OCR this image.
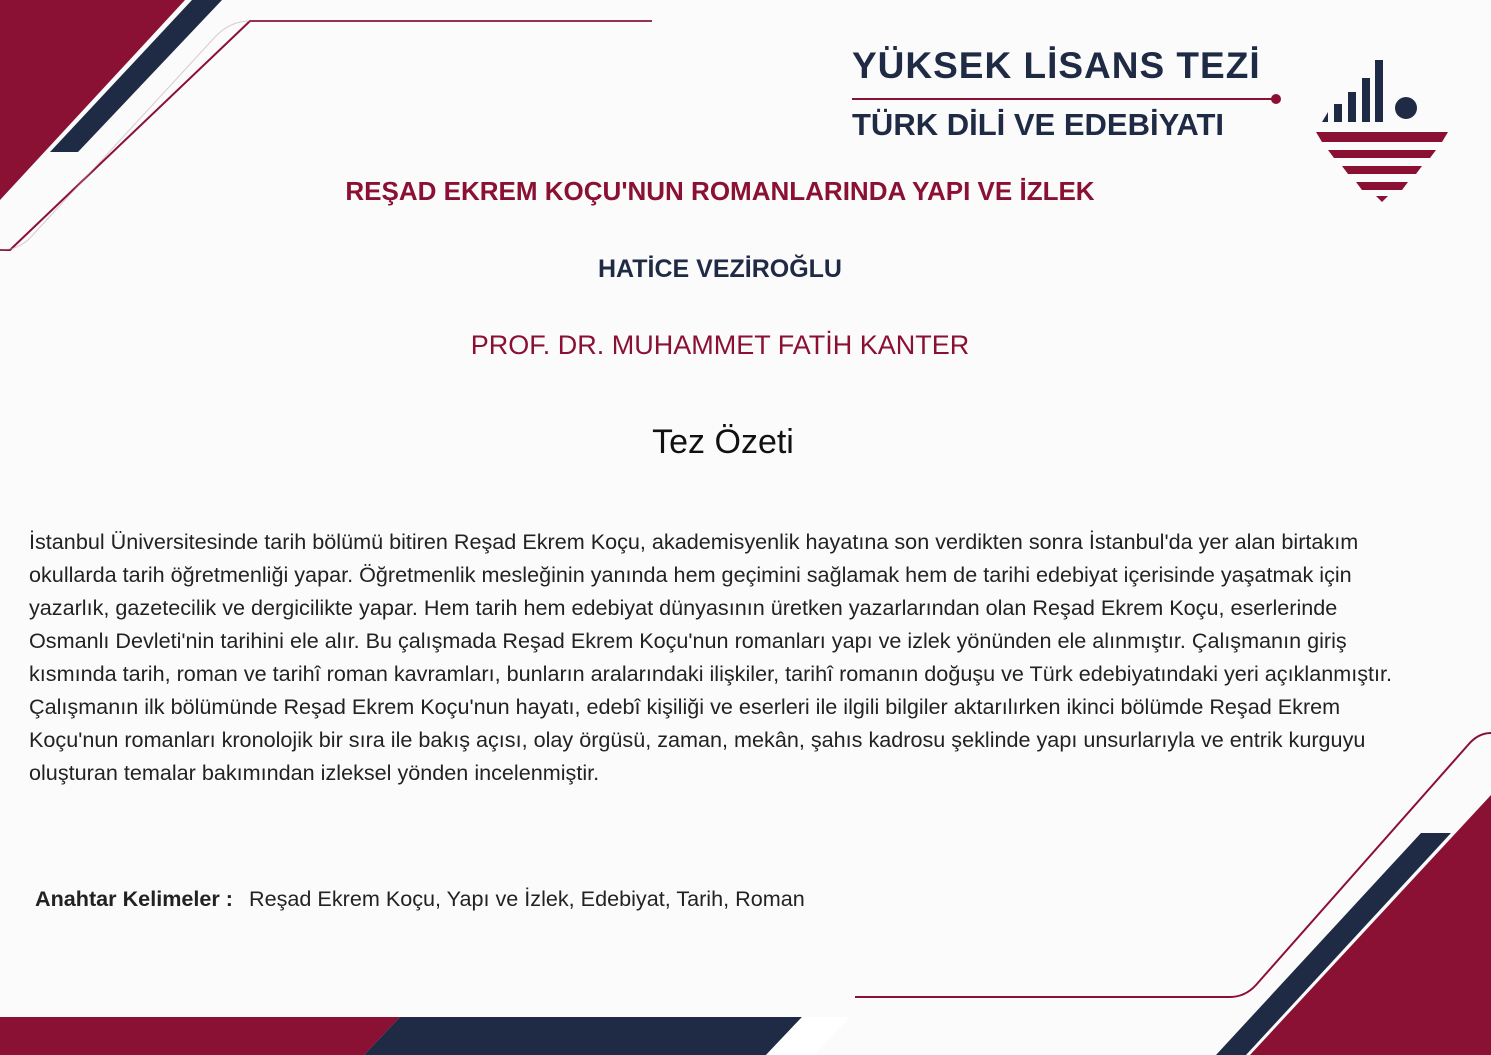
YÜKSEK LİSANS TEZİ
TÜRK DİLİ VE EDEBİYATI
REŞAD EKREM KOÇU'NUN ROMANLARINDA YAPI VE İZLEK
HATİCE VEZİROĞLU
PROF. DR. MUHAMMET FATİH KANTER
Tez Özeti

İstanbul Üniversitesinde tarih bölümü bitiren Reşad Ekrem Koçu, akademisyenlik hayatına son verdikten sonra İstanbul'da yer alan birtakım okullarda tarih öğretmenliği yapar. Öğretmenlik mesleğinin yanında hem geçimini sağlamak hem de tarihi edebiyat içerisinde yaşatmak için yazarlık, gazetecilik ve dergicilikte yapar. Hem tarih hem edebiyat dünyasının üretken yazarlarından olan Reşad Ekrem Koçu, eserlerinde Osmanlı Devleti'nin tarihini ele alır. Bu çalışmada Reşad Ekrem Koçu'nun romanları yapı ve izlek yönünden ele alınmıştır. Çalışmanın giriş kısmında tarih, roman ve tarihî roman kavramları, bunların aralarındaki ilişkiler, tarihî romanın doğuşu ve Türk edebiyatındaki yeri açıklanmıştır. Çalışmanın ilk bölümünde Reşad Ekrem Koçu'nun hayatı, edebî kişiliği ve eserleri ile ilgili bilgiler aktarılırken ikinci bölümde Reşad Ekrem Koçu'nun romanları kronolojik bir sıra ile bakış açısı, olay örgüsü, zaman, mekân, şahıs kadrosu şeklinde yapı unsurlarıyla ve entrik kurguyu oluşturan temalar bakımından izleksel yönden incelenmiştir.

Anahtar Kelimeler : Reşad Ekrem Koçu, Yapı ve İzlek, Edebiyat, Tarih, Roman
